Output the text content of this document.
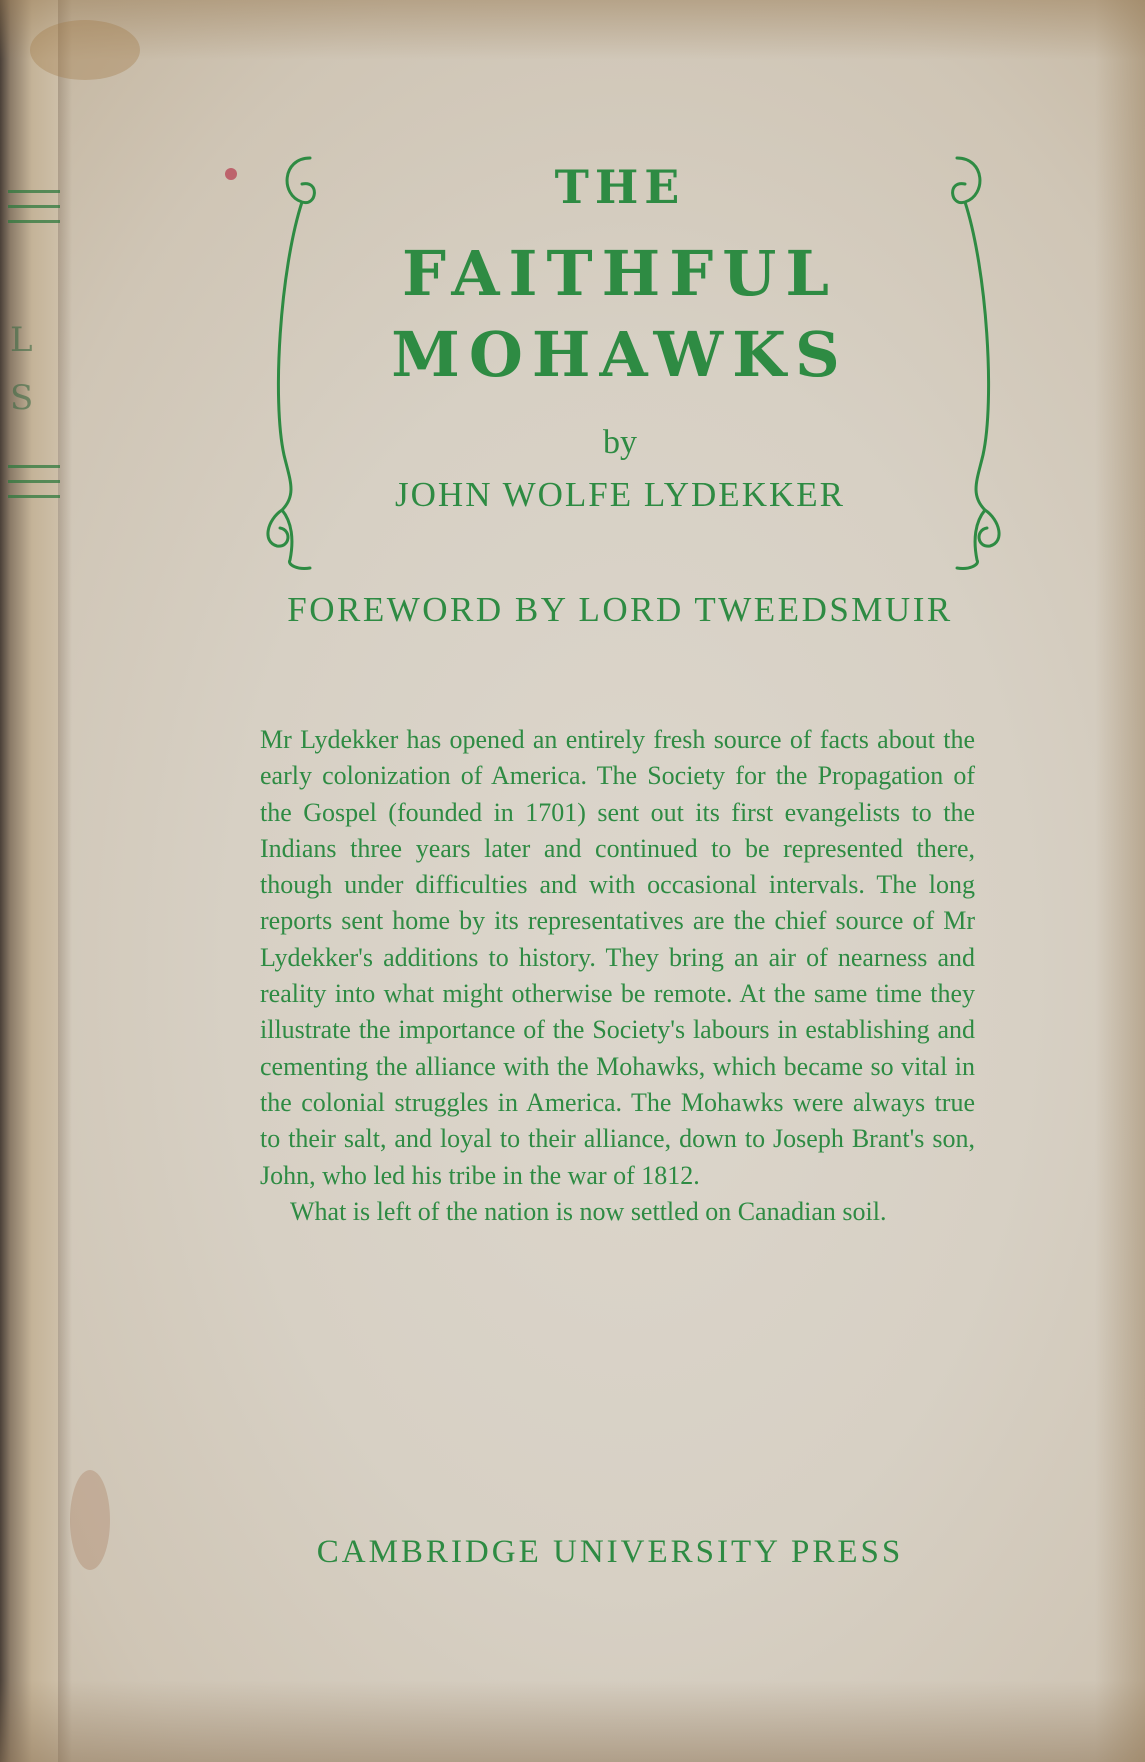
L
S
THE
FAITHFUL
MOHAWKS
by
JOHN WOLFE LYDEKKER
FOREWORD BY LORD TWEEDSMUIR

Mr Lydekker has opened an entirely fresh source of facts about the early colonization of America. The Society for the Propagation of the Gospel (founded in 1701) sent out its first evangelists to the Indians three years later and continued to be represented there, though under difficulties and with occasional intervals. The long reports sent home by its representatives are the chief source of Mr Lydekker's additions to history. They bring an air of nearness and reality into what might otherwise be remote. At the same time they illustrate the importance of the Society's labours in establishing and cementing the alliance with the Mohawks, which became so vital in the colonial struggles in America. The Mohawks were always true to their salt, and loyal to their alliance, down to Joseph Brant's son, John, who led his tribe in the war of 1812.

What is left of the nation is now settled on Canadian soil.

CAMBRIDGE UNIVERSITY PRESS
